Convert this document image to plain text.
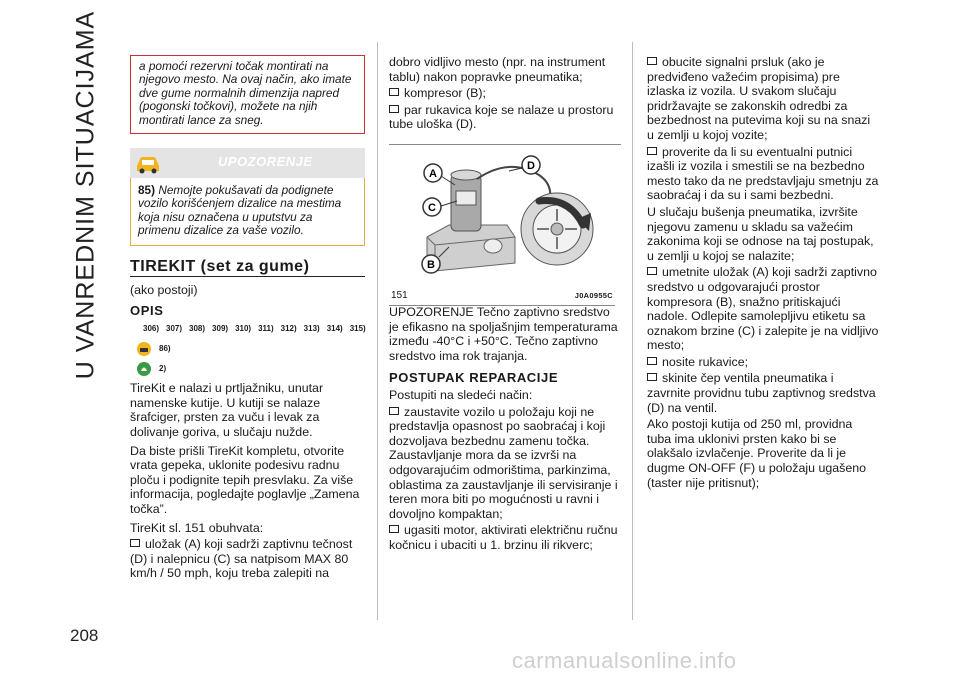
U VANREDNIM SITUACIJAMA
208
carmanualsonline.info
a pomoći rezervni točak montirati na njegovo mesto. Na ovaj način, ako imate dve gume normalnih dimenzija napred (pogonski točkovi), možete na njih montirati lance za sneg.
UPOZORENJE
85) Nemojte pokušavati da podignete vozilo korišćenjem dizalice na mestima koja nisu označena u uputstvu za primenu dizalice za vaše vozilo.
TIREKIT (set za gume)

(ako postoji)

OPIS
306) 307) 308) 309) 310) 311) 312) 313) 314) 315)
86)
2)

TireKit e nalazi u prtljažniku, unutar namenske kutije. U kutiji se nalaze šrafciger, prsten za vuču i levak za dolivanje goriva, u slučaju nužde.

Da biste prišli TireKit kompletu, otvorite vrata gepeka, uklonite podesivu radnu ploču i podignite tepih presvlaku. Za više informacija, pogledajte poglavlje „Zamena točka”.

TireKit sl. 151 obuhvata:

uložak (A) koji sadrži zaptivnu tečnost (D) i nalepnicu (C) sa natpisom MAX 80 km/h / 50 mph, koju treba zalepiti na

dobro vidljivo mesto (npr. na instrument tablu) nakon popravke pneumatika;

kompresor (B);

par rukavica koje se nalaze u prostoru tube uloška (D).

A
C
B
D
151	J0A0955C

UPOZORENJE Tečno zaptivno sredstvo je efikasno na spoljašnjim temperaturama između -40°C i +50°C. Tečno zaptivno sredstvo ima rok trajanja.

POSTUPAK REPARACIJE

Postupiti na sledeći način:

zaustavite vozilo u položaju koji ne predstavlja opasnost po saobraćaj i koji dozvoljava bezbednu zamenu točka. Zaustavljanje mora da se izvrši na odgovarajućim odmorištima, parkinzima, oblastima za zaustavljanje ili servisiranje i teren mora biti po mogućnosti u ravni i dovoljno kompaktan;

ugasiti motor, aktivirati električnu ručnu kočnicu i ubaciti u 1. brzinu ili rikverc;

obucite signalni prsluk (ako je predviđeno važećim propisima) pre izlaska iz vozila. U svakom slučaju pridržavajte se zakonskih odredbi za bezbednost na putevima koji su na snazi u zemlji u kojoj vozite;

proverite da li su eventualni putnici izašli iz vozila i smestili se na bezbedno mesto tako da ne predstavljaju smetnju za saobraćaj i da su i sami bezbedni.

U slučaju bušenja pneumatika, izvršite njegovu zamenu u skladu sa važećim zakonima koji se odnose na taj postupak, u zemlji u kojoj se nalazite;

umetnite uložak (A) koji sadrži zaptivno sredstvo u odgovarajući prostor kompresora (B), snažno pritiskajući nadole. Odlepite samolepljivu etiketu sa oznakom brzine (C) i zalepite je na vidljivo mesto;

nosite rukavice;

skinite čep ventila pneumatika i zavrnite providnu tubu zaptivnog sredstva (D) na ventil.

Ako postoji kutija od 250 ml, providna tuba ima uklonivi prsten kako bi se olakšalo izvlačenje. Proverite da li je dugme ON-OFF (F) u položaju ugašeno (taster nije pritisnut);
